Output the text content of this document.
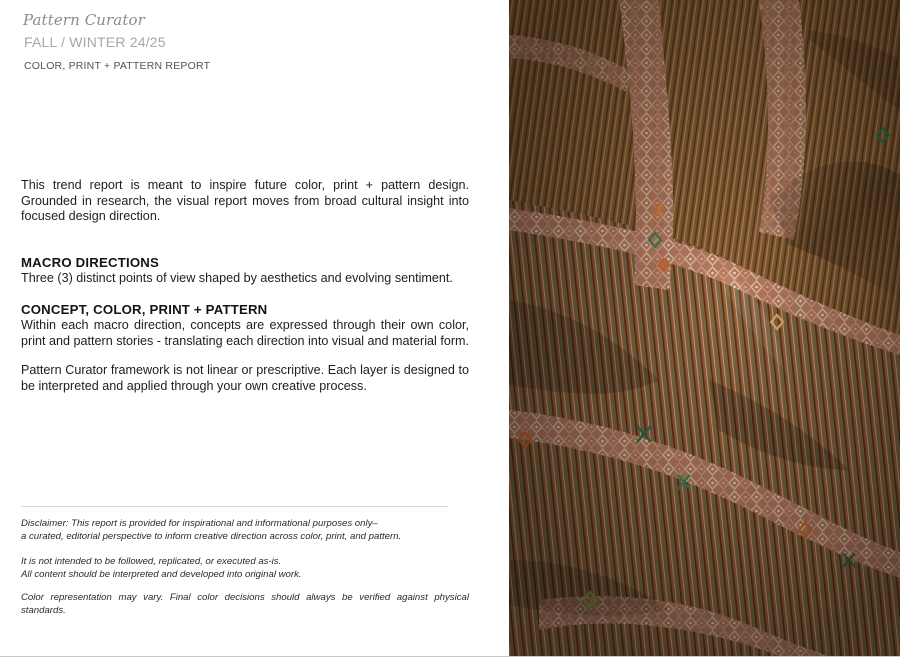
Pattern Curator
FALL / WINTER 24/25
COLOR, PRINT + PATTERN REPORT

This trend report is meant to inspire future color, print + pattern design. Grounded in research, the visual report moves from broad cultural insight into focused design direction.

MACRO DIRECTIONS

Three (3) distinct points of view shaped by aesthetics and evolving sentiment.

CONCEPT, COLOR, PRINT + PATTERN

Within each macro direction, concepts are expressed through their own color, print and pattern stories - translating each direction into visual and material form.

Pattern Curator framework is not linear or prescriptive. Each layer is designed to be interpreted and applied through your own creative process.

Disclaimer: This report is provided for inspirational and informational purposes only–

a curated, editorial perspective to inform creative direction across color, print, and pattern.

It is not intended to be followed, replicated, or executed as-is.

All content should be interpreted and developed into original work.

Color representation may vary. Final color decisions should always be verified against physical standards.
